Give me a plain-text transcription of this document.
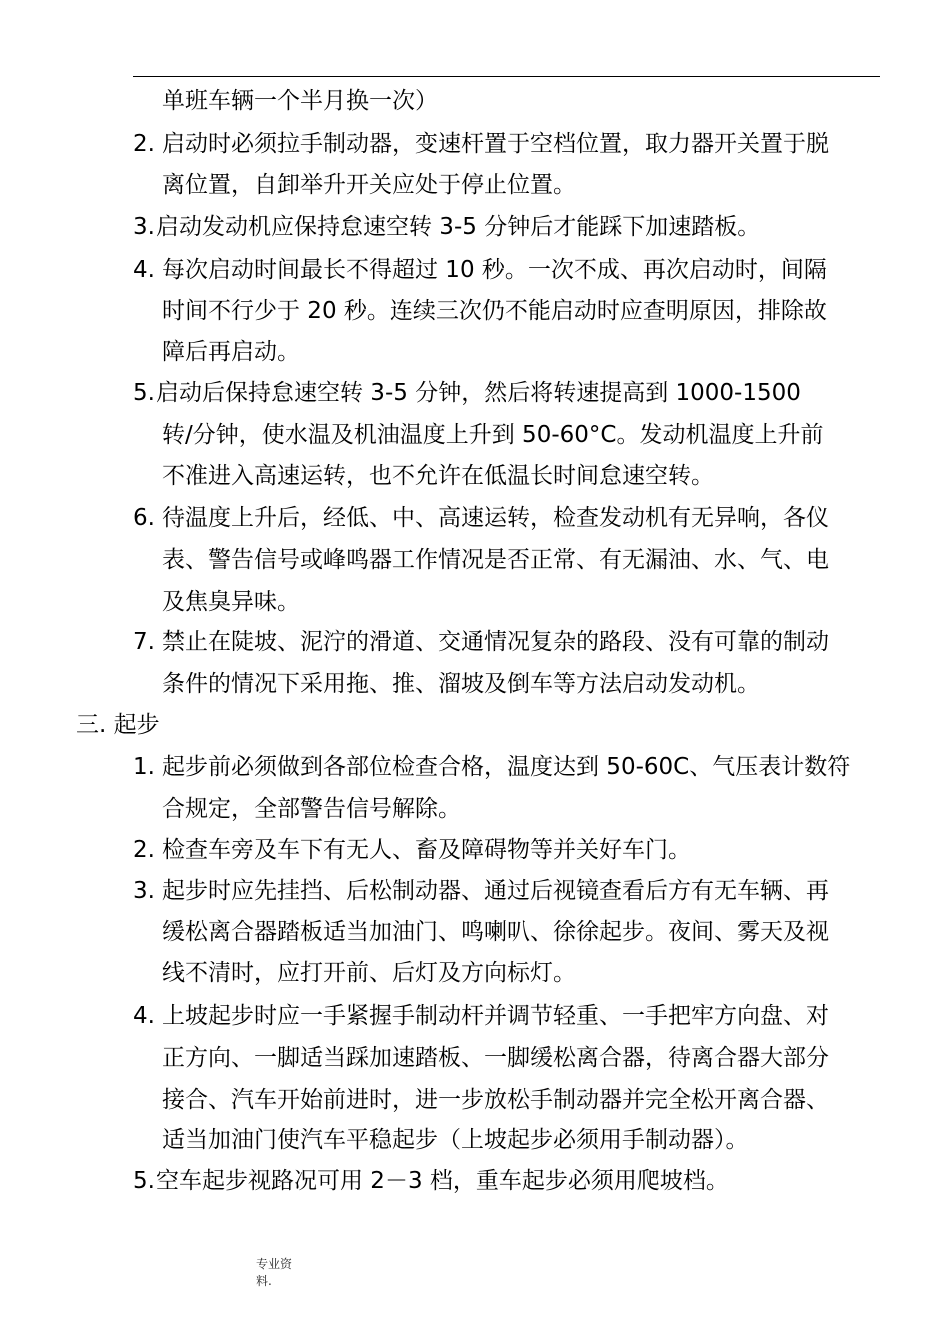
单班车辆一个半月换一次）
2. 启动时必须拉手制动器，变速杆置于空档位置，取力器开关置于脱
离位置，自卸举升开关应处于停止位置。
3. 启动发动机应保持怠速空转 3-5 分钟后才能踩下加速踏板。
4. 每次启动时间最长不得超过 10 秒。一次不成、再次启动时，间隔
时间不行少于 20 秒。连续三次仍不能启动时应查明原因，排除故
障后再启动。
5. 启动后保持怠速空转 3-5 分钟，然后将转速提高到 1000-1500
转/分钟，使水温及机油温度上升到 50-60°C。发动机温度上升前
不准进入高速运转，也不允许在低温长时间怠速空转。
6. 待温度上升后，经低、中、高速运转，检查发动机有无异响，各仪
表、警告信号或峰鸣器工作情况是否正常、有无漏油、水、气、电
及焦臭异味。
7. 禁止在陡坡、泥泞的滑道、交通情况复杂的路段、没有可靠的制动
条件的情况下采用拖、推、溜坡及倒车等方法启动发动机。
三. 起步
1. 起步前必须做到各部位检查合格，温度达到 50-60C、气压表计数符
合规定，全部警告信号解除。
2. 检查车旁及车下有无人、畜及障碍物等并关好车门。
3. 起步时应先挂挡、后松制动器、通过后视镜查看后方有无车辆、再
缓松离合器踏板适当加油门、鸣喇叭、徐徐起步。夜间、雾天及视
线不清时，应打开前、后灯及方向标灯。
4. 上坡起步时应一手紧握手制动杆并调节轻重、一手把牢方向盘、对
正方向、一脚适当踩加速踏板、一脚缓松离合器，待离合器大部分
接合、汽车开始前进时，进一步放松手制动器并完全松开离合器、
适当加油门使汽车平稳起步（上坡起步必须用手制动器）。
5. 空车起步视路况可用 2－3 档，重车起步必须用爬坡档。
专业资
料.
